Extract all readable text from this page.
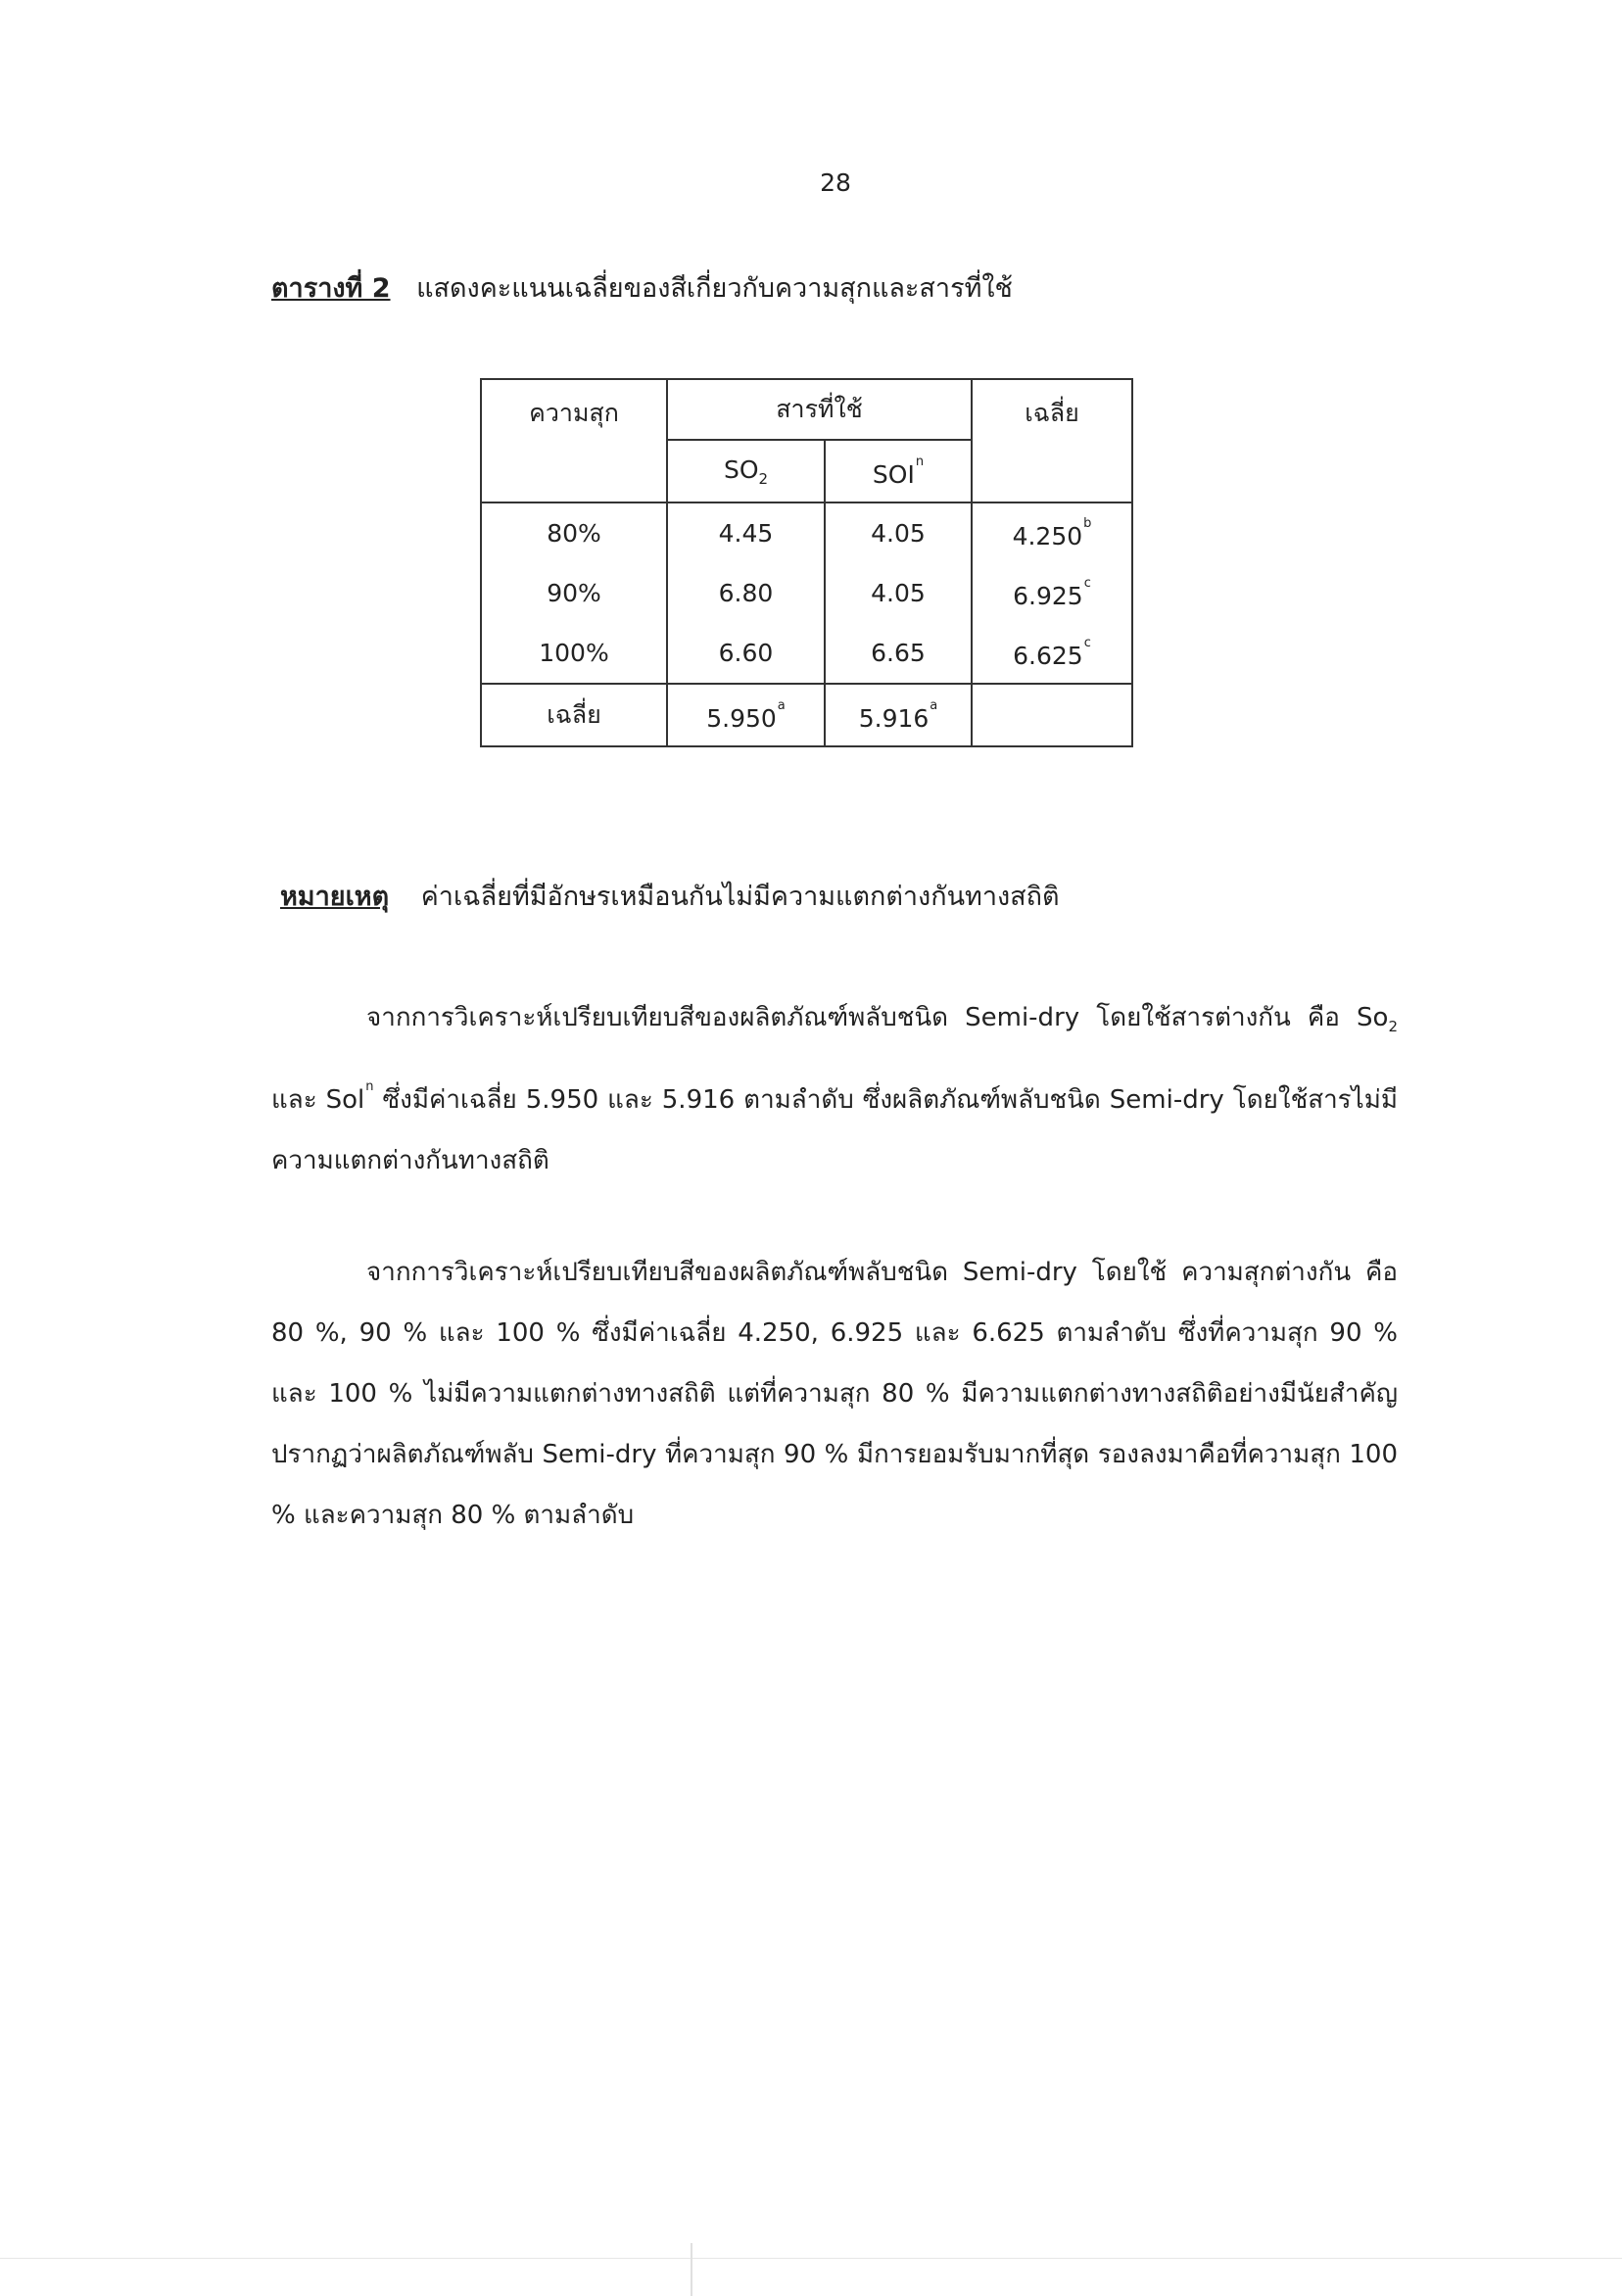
28
ตารางที่ 2 แสดงคะแนนเฉลี่ยของสีเกี่ยวกับความสุกและสารที่ใช้
ความสุก	สารที่ใช้		เฉลี่ย
	$SO_2$	SOI$^n$
80%	4.45	4.05	4.250$^b$
90%	6.80	4.05	6.925$^c$
100%	6.60	6.65	6.625$^c$
เฉลี่ย	5.950$^a$	5.916$^a$	
หมายเหตุ ค่าเฉลี่ยที่มีอักษรเหมือนกันไม่มีความแตกต่างกันทางสถิติ

จากการวิเคราะห์เปรียบเทียบสีของผลิตภัณฑ์พลับชนิด Semi-dry โดยใช้สารต่างกัน คือ $So_2$ และ Sol$^n$ ซึ่งมีค่าเฉลี่ย 5.950 และ 5.916 ตามลำดับ ซึ่งผลิตภัณฑ์พลับชนิด Semi-dry โดยใช้สารไม่มีความแตกต่างกันทางสถิติ

จากการวิเคราะห์เปรียบเทียบสีของผลิตภัณฑ์พลับชนิด Semi-dry โดยใช้ ความสุกต่างกัน คือ 80 %, 90 % และ 100 % ซึ่งมีค่าเฉลี่ย 4.250, 6.925 และ 6.625 ตามลำดับ ซึ่งที่ความสุก 90 % และ 100 % ไม่มีความแตกต่างทางสถิติ แต่ที่ความสุก 80 % มีความแตกต่างทางสถิติอย่างมีนัยสำคัญ ปรากฏว่าผลิตภัณฑ์พลับ Semi-dry ที่ความสุก 90 % มีการยอมรับมากที่สุด รองลงมาคือที่ความสุก 100 % และความสุก 80 % ตามลำดับ
